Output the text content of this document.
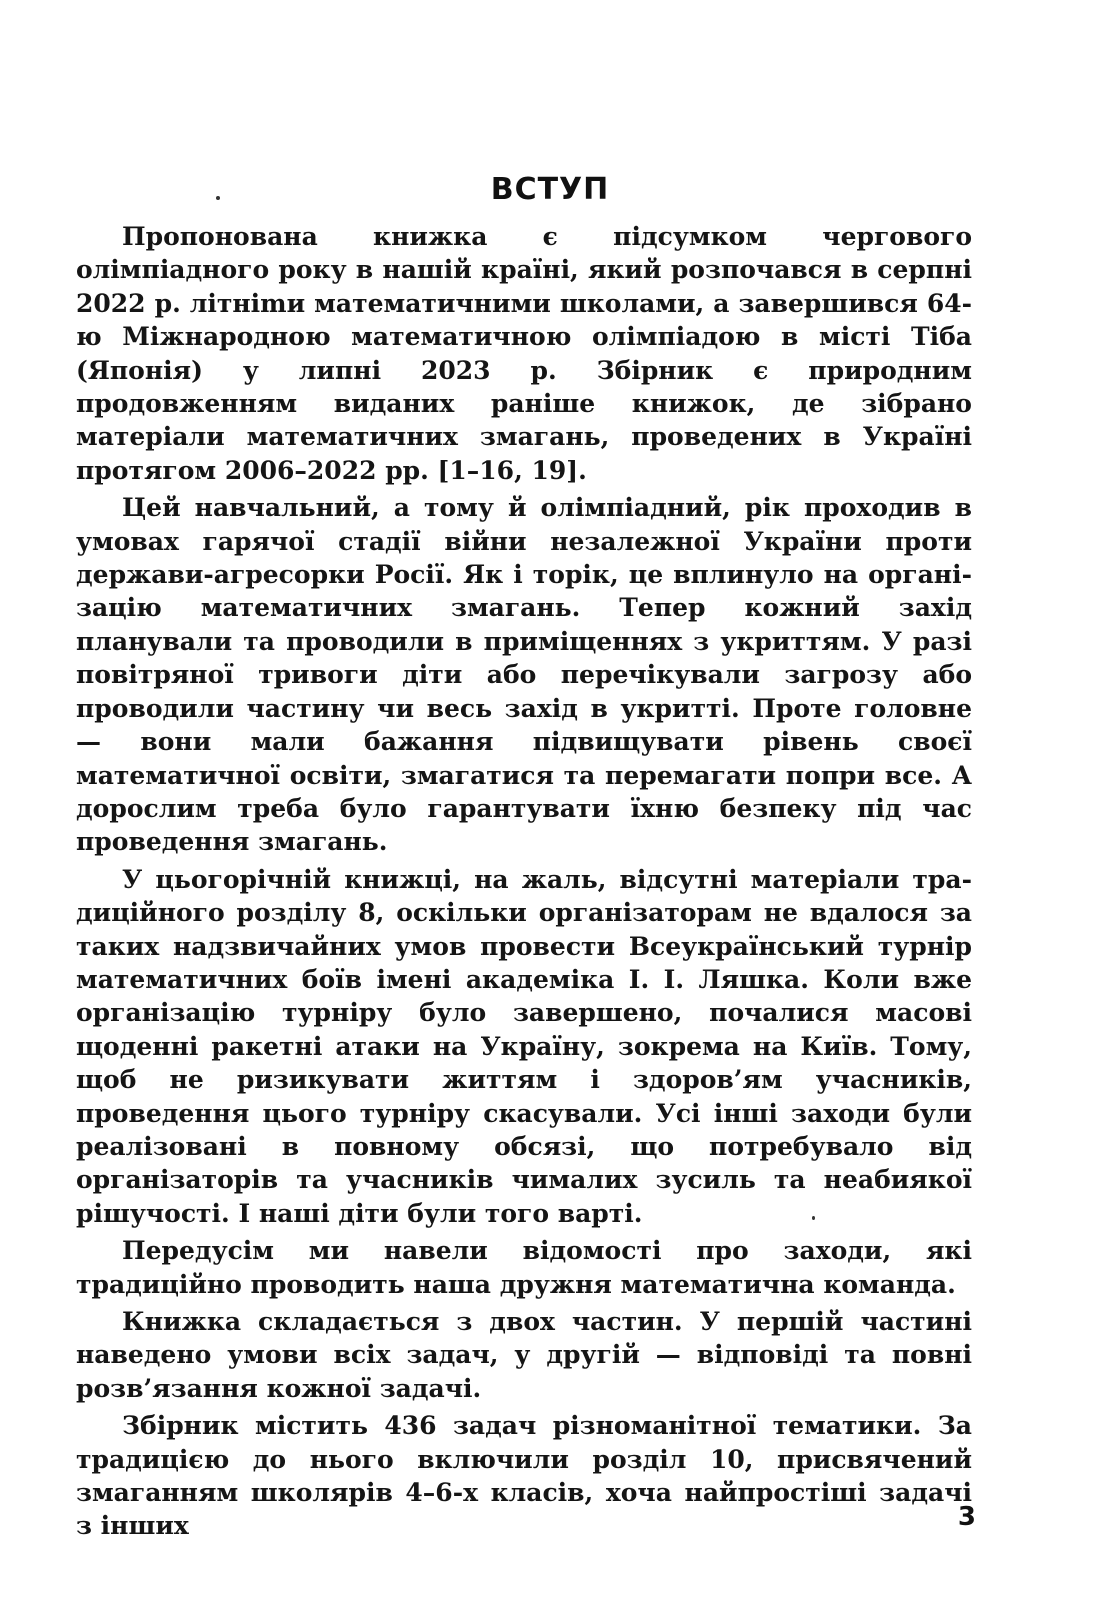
ВСТУП

Пропонована книжка є підсумком чергового олімпіадного року в нашій країні, який розпочався в серпні 2022 р. літніmи математичними школами, а завершився 64-ю Міжнародною математичною олімпіадою в місті Тіба (Японія) у липні 2023 р. Збірник є природним продовженням виданих раніше книжок, де зібрано матеріали математичних змагань, проведених в Україні протягом 2006–2022 рр. [1–16, 19].

Цей навчальний, а тому й олімпіадний, рік проходив в умовах гарячої стадії війни незалежної України проти держави-агресорки Росії. Як і торік, це вплинуло на організацію математичних змагань. Тепер кожний захід планували та проводили в приміщеннях з укриттям. У разі повітряної тривоги діти або перечікували загрозу або проводили частину чи весь захід в укритті. Проте головне — вони мали бажання підвищувати рівень своєї математичної освіти, змагатися та перемагати попри все. А дорослим треба було гарантувати їхню безпеку під час проведення змагань.

У цьогорічній книжці, на жаль, відсутні матеріали традиційного розділу 8, оскільки організаторам не вдалося за таких надзвичайних умов провести Всеукраїнський турнір математичних боїв імені академіка І. І. Ляшка. Коли вже організацію турніру було завершено, почалися масові щоденні ракетні атаки на Україну, зокрема на Київ. Тому, щоб не ризикувати життям і здоров’ям учасників, проведення цього турніру скасували. Усі інші заходи були реалізовані в повному обсязі, що потребувало від організаторів та учасників чималих зусиль та неабиякої рішучості. І наші діти були того варті.

Передусім ми навели відомості про заходи, які традиційно проводить наша дружня математична команда.

Книжка складається з двох частин. У першій частині наведено умови всіх задач, у другій — відповіді та повні розв’язання кожної задачі.

Збірник містить 436 задач різноманітної тематики. За традицією до нього включили розділ 10, присвячений змаганням школярів 4–6-х класів, хоча найпростіші задачі з інших	3
